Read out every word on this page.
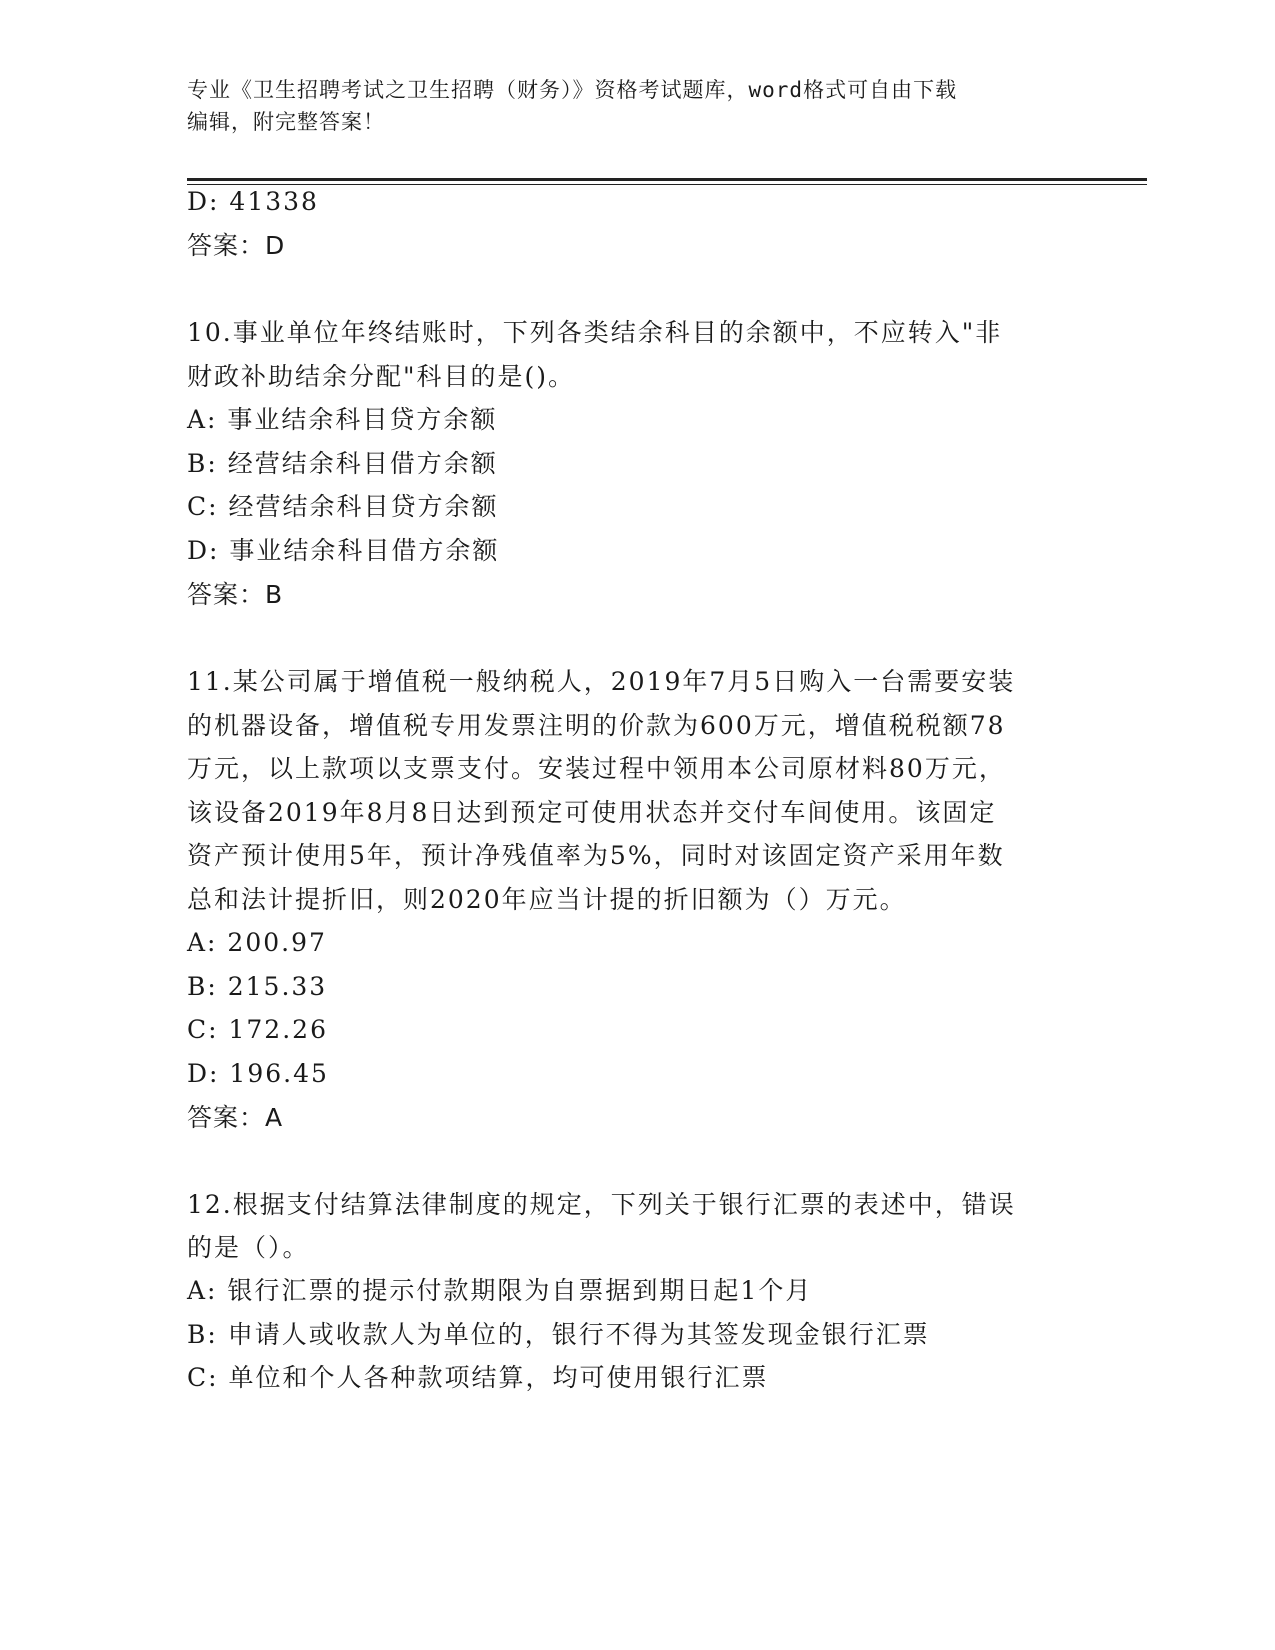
专业《卫生招聘考试之卫生招聘（财务）》资格考试题库，word格式可自由下载
编辑，附完整答案！
D: 41338
答案：D
10.事业单位年终结账时，下列各类结余科目的余额中，不应转入"非
财政补助结余分配"科目的是()。
A: 事业结余科目贷方余额
B: 经营结余科目借方余额
C: 经营结余科目贷方余额
D: 事业结余科目借方余额
答案：B
11.某公司属于增值税一般纳税人，2019年7月5日购入一台需要安装
的机器设备，增值税专用发票注明的价款为600万元，增值税税额78
万元，以上款项以支票支付。安装过程中领用本公司原材料80万元，
该设备2019年8月8日达到预定可使用状态并交付车间使用。该固定
资产预计使用5年，预计净残值率为5%，同时对该固定资产采用年数
总和法计提折旧，则2020年应当计提的折旧额为（）万元。
A: 200.97
B: 215.33
C: 172.26
D: 196.45
答案：A
12.根据支付结算法律制度的规定，下列关于银行汇票的表述中，错误
的是（）。
A: 银行汇票的提示付款期限为自票据到期日起1个月
B: 申请人或收款人为单位的，银行不得为其签发现金银行汇票
C: 单位和个人各种款项结算，均可使用银行汇票
